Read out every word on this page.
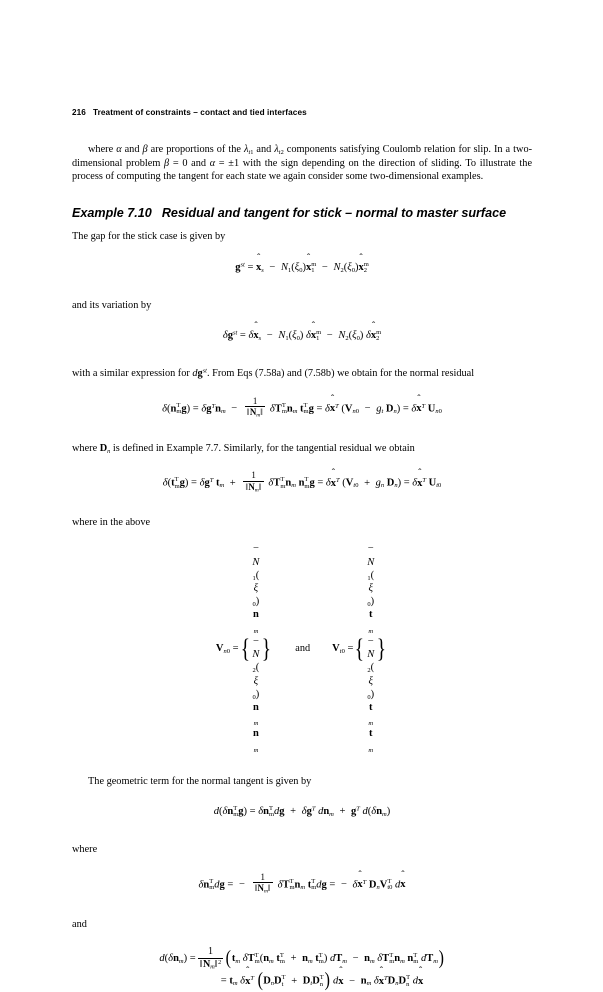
216 Treatment of constraints – contact and tied interfaces

where α and β are proportions of the $\lambda_{t1}$ and $\lambda_{t2}$ components satisfying Coulomb relation for slip. In a two-dimensional problem β = 0 and α = ±1 with the sign depending on the direction of sliding. To illustrate the process of computing the tangent for each state we again consider some two-dimensional examples.

Example 7.10 Residual and tangent for stick – normal to master surface

The gap for the stick case is given by

$g^{st}$ =
ˆ
$x_s - N_1(\xi_0)$
ˆ
x m
$1 - N_2(\xi_0)$
ˆ
x m
2

and its variation by

$\delta g^{st} = \delta$
ˆ
$x_s - N_1(\xi_0)$ δ
ˆ
x m
$1 - N_2(\xi_0)$ δ
ˆ
x m
2

with a similar expression for $dg^{st}$. From Eqs (7.58a) and (7.58b) we obtain for the normal residual

δ(n T
m $g) = \delta g^Tn_m - \frac{1}{‖N_m‖}$ δT T
m $n_m$ t T
m g = δ
ˆ
$x^T$ ($V_{n0} - g_t$ $D_n) = \delta$
ˆ
$x^T$ $U_{n0}$

where $D_n$ is defined in Example 7.7. Similarly, for the tangential residual we obtain

δ(t T
m $g) = \delta g^T$ $t_m + \frac{1}{‖N_m‖}$ δT T
m $n_m$ n T
m g = δ
ˆ
$x^T$ ($V_{t0} + g_n$ $D_n) = \delta$
ˆ
$x^T$ $U_{t0}$

where in the above

$V_{n0}$ = {
−
N
$_1$(
ξ
$_0$)
n
$_m$
−
N
$_2$(
ξ
$_0$)
n
$_m$
n
$_m$
}	and	$V_{t0}$ = {
−
N
$_1$(
ξ
$_0$)
t
$_m$
−
N
$_2$(
ξ
$_0$)
t
$_m$
t
$_m$
}

The geometric term for the normal tangent is given by

d(δn T
m g) = δn T
m dg + $\delta g^T$ $dn_m + g^T$ $d(\delta n_m)$

where

δn T
m dg = − $\frac{1}{‖N_m‖}$ δT T
m $n_m$ t T
m dg = − δ
ˆ
$x^T$ $D_nV$ T
t0 d
ˆ
x

and

$d(\delta n_m) = \frac{1}{‖N_m‖^2}$ ( $t_m$ δT T
m ($n_m$ t T
$m + n_m$ t T
m ) $dT_m - n_m$ δT T
m $n_m$ n T
m $dT_m$ )
= $t_m$ δ
ˆ
$x^T$ ($D_nD$ T
$t + D_tD$ T
n ) d
ˆ
$x - n_m$ δ
ˆ
$x^TD_nD$ T
n d
ˆ
x
